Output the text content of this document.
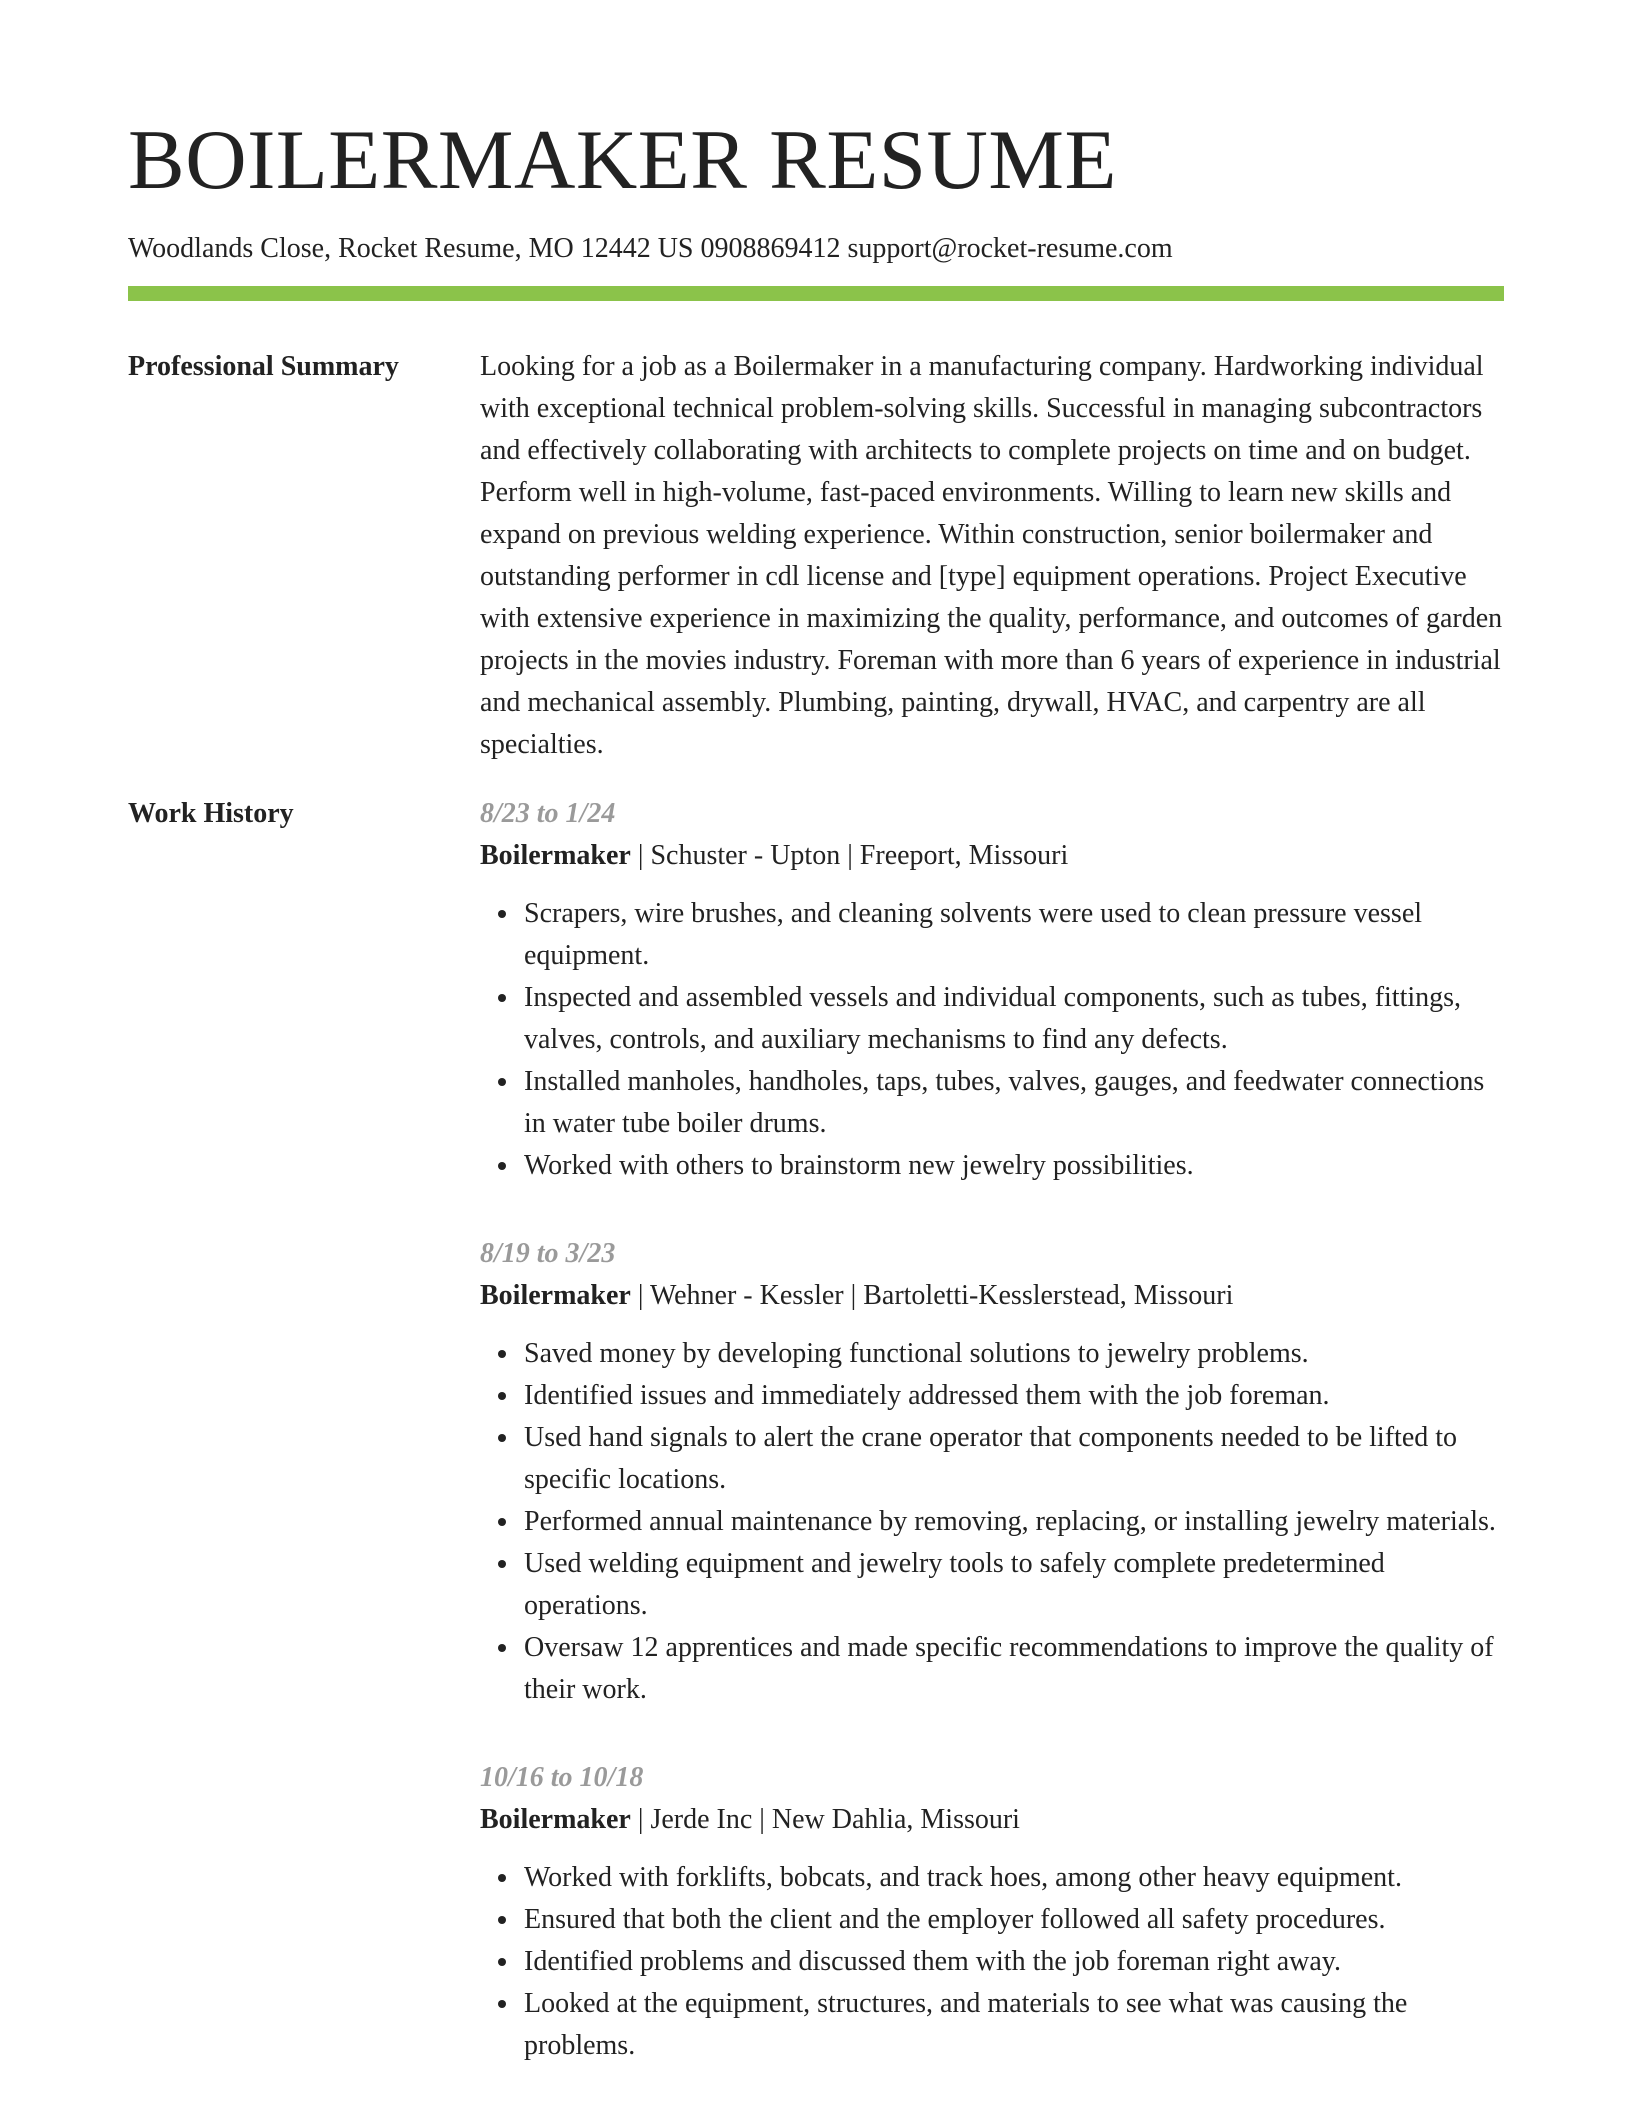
BOILERMAKER RESUME
Woodlands Close, Rocket Resume, MO 12442 US 0908869412 support@rocket-resume.com
Professional Summary	Looking for a job as a Boilermaker in a manufacturing company. Hardworking individual with exceptional technical problem-solving skills. Successful in managing subcontractors and effectively collaborating with architects to complete projects on time and on budget. Perform well in high-volume, fast-paced environments. Willing to learn new skills and expand on previous welding experience. Within construction, senior boilermaker and outstanding performer in cdl license and [type] equipment operations. Project Executive with extensive experience in maximizing the quality, performance, and outcomes of garden projects in the movies industry. Foreman with more than 6 years of experience in industrial and mechanical assembly. Plumbing, painting, drywall, HVAC, and carpentry are all specialties.

Work History	8/23 to 1/24
Boilermaker | Schuster - Upton | Freeport, Missouri
Scrapers, wire brushes, and cleaning solvents were used to clean pressure vessel equipment.
Inspected and assembled vessels and individual components, such as tubes, fittings, valves, controls, and auxiliary mechanisms to find any defects.
Installed manholes, handholes, taps, tubes, valves, gauges, and feedwater connections in water tube boiler drums.
Worked with others to brainstorm new jewelry possibilities.
8/19 to 3/23
Boilermaker | Wehner - Kessler | Bartoletti-Kesslerstead, Missouri
Saved money by developing functional solutions to jewelry problems.
Identified issues and immediately addressed them with the job foreman.
Used hand signals to alert the crane operator that components needed to be lifted to specific locations.
Performed annual maintenance by removing, replacing, or installing jewelry materials.
Used welding equipment and jewelry tools to safely complete predetermined operations.
Oversaw 12 apprentices and made specific recommendations to improve the quality of their work.
10/16 to 10/18
Boilermaker | Jerde Inc | New Dahlia, Missouri
Worked with forklifts, bobcats, and track hoes, among other heavy equipment.
Ensured that both the client and the employer followed all safety procedures.
Identified problems and discussed them with the job foreman right away.
Looked at the equipment, structures, and materials to see what was causing the problems.
